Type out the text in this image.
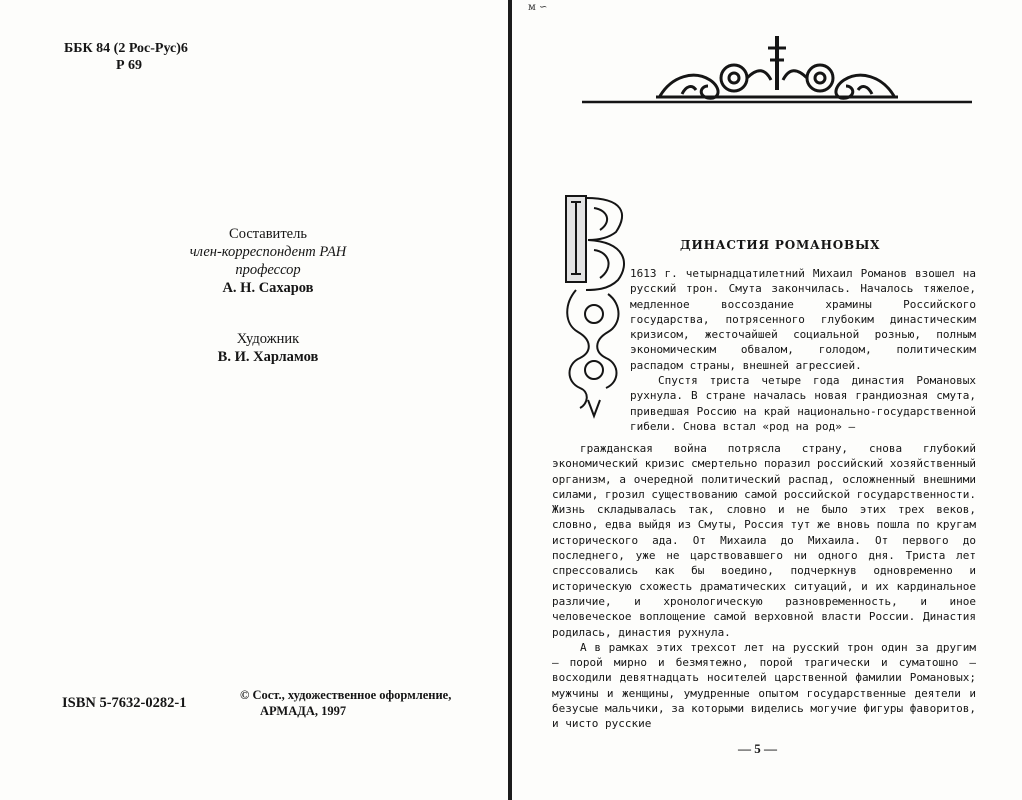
ББК 84 (2 Рос-Рус)6
Р 69
Составитель
член-корреспондент РАН
профессор
А. Н. Сахаров
Художник
В. И. Харламов
ISBN 5-7632-0282-1	© Сост., художественное оформление,
АРМАДА, 1997
м ∽
В
ДИНАСТИЯ РОМАНОВЫХ

1613 г. четырнадцатилетний Михаил Романов взошел на русский трон. Смута закончилась. Началось тяжелое, медленное воссоздание храмины Российского государства, потрясенного глубоким династическим кризисом, жесточайшей социальной рознью, полным экономическим обвалом, голодом, политическим распадом страны, внешней агрессией.

Спустя триста четыре года династия Романовых рухнула. В стране началась новая грандиозная смута, приведшая Россию на край национально-государственной гибели. Снова встал «род на род» —

гражданская война потрясла страну, снова глубокий экономический кризис смертельно поразил российский хозяйственный организм, а очередной политический распад, осложненный внешними силами, грозил существованию самой российской государственности. Жизнь складывалась так, словно и не было этих трех веков, словно, едва выйдя из Смуты, Россия тут же вновь пошла по кругам исторического ада. От Михаила до Михаила. От первого до последнего, уже не царствовавшего ни одного дня. Триста лет спрессовались как бы воедино, подчеркнув одновременно и историческую схожесть драматических ситуаций, и их кардинальное различие, и хронологическую разновременность, и иное человеческое воплощение самой верховной власти России. Династия родилась, династия рухнула.

А в рамках этих трехсот лет на русский трон один за другим — порой мирно и безмятежно, порой трагически и суматошно — восходили девятнадцать носителей царственной фамилии Романовых; мужчины и женщины, умудренные опытом государственные деятели и безусые мальчики, за которыми виделись могучие фигуры фаворитов, и чисто русские

— 5 —
